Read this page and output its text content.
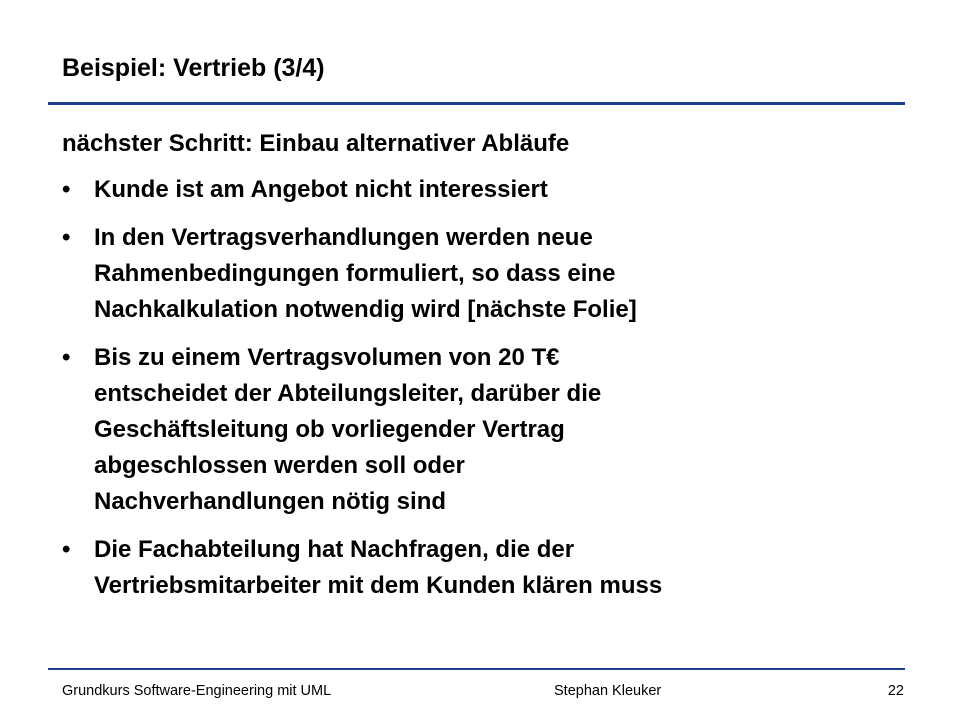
Beispiel: Vertrieb (3/4)
nächster Schritt: Einbau alternativer Abläufe
• Kunde ist am Angebot nicht interessiert
• In den Vertragsverhandlungen werden neue
Rahmenbedingungen formuliert, so dass eine
Nachkalkulation notwendig wird [nächste Folie]
• Bis zu einem Vertragsvolumen von 20 T€
entscheidet der Abteilungsleiter, darüber die
Geschäftsleitung ob vorliegender Vertrag
abgeschlossen werden soll oder
Nachverhandlungen nötig sind
• Die Fachabteilung hat Nachfragen, die der
Vertriebsmitarbeiter mit dem Kunden klären muss
Grundkurs Software-Engineering mit UML	Stephan Kleuker	22
